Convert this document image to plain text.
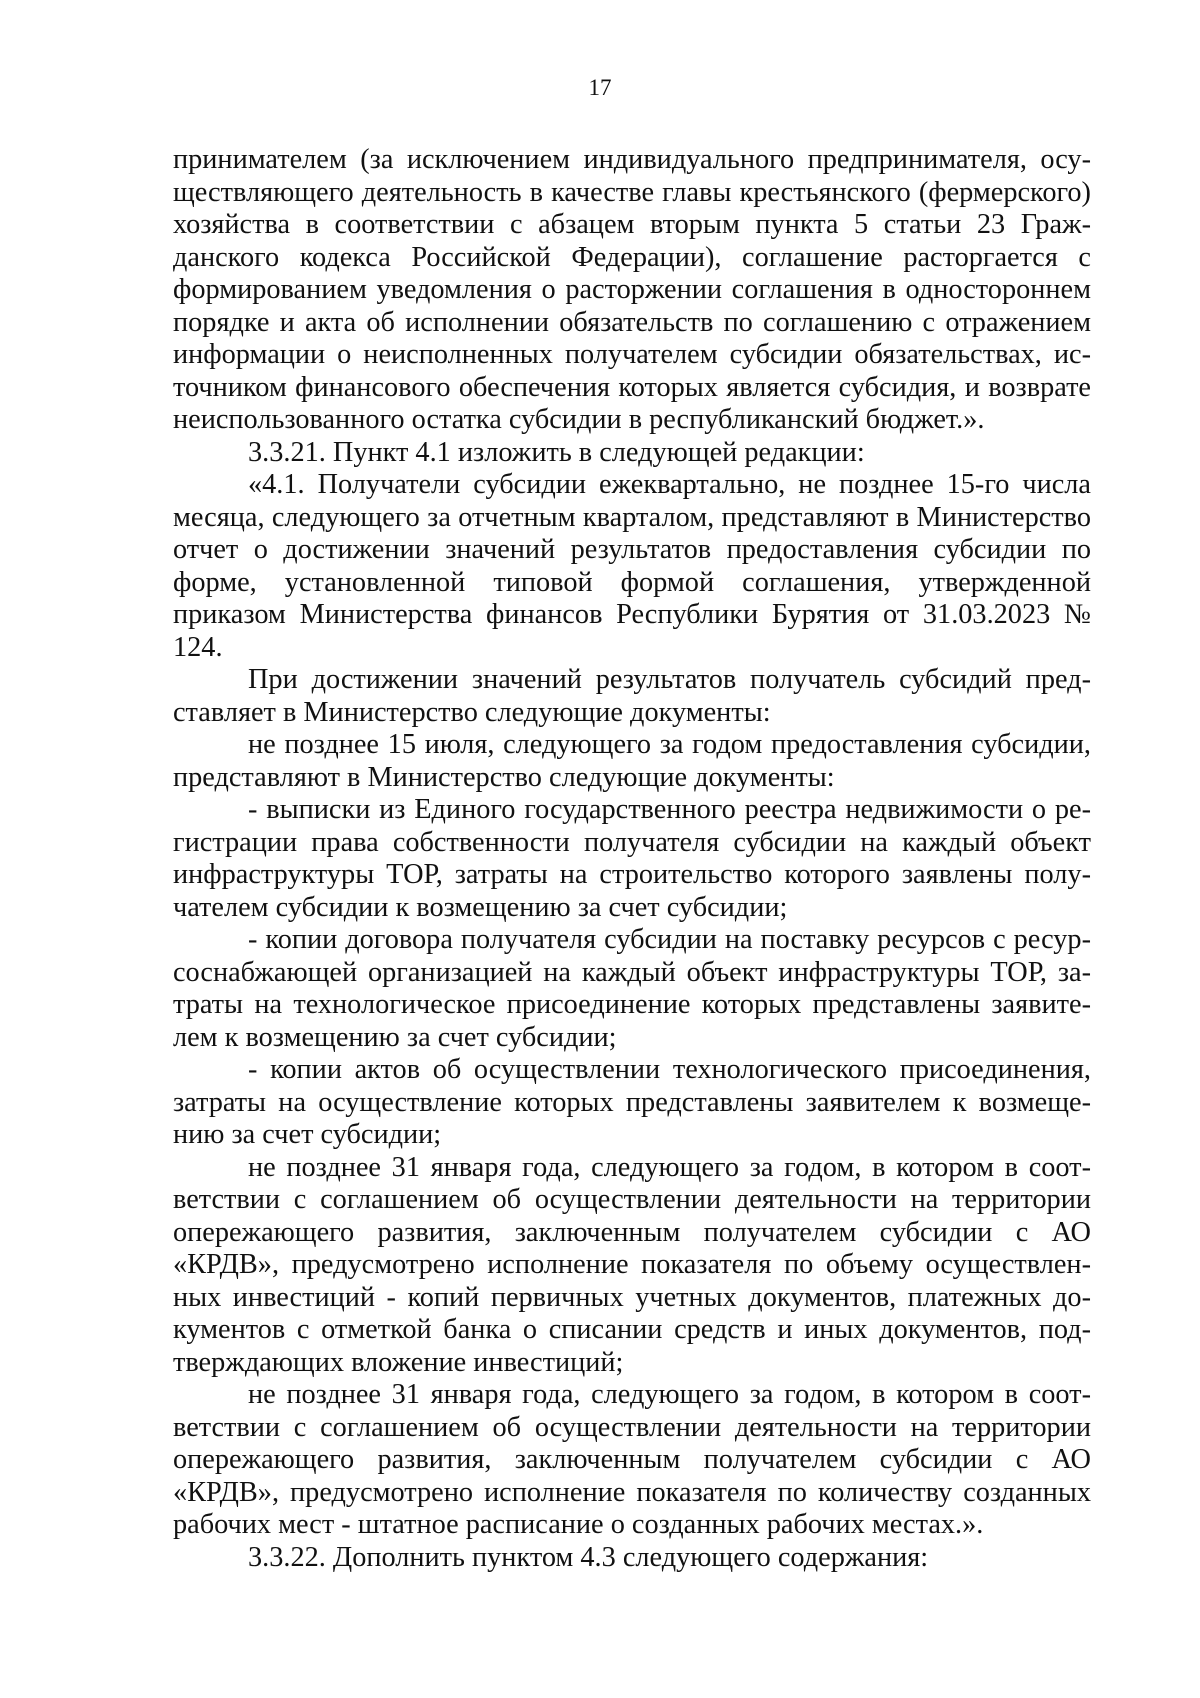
17

принимателем (за исключением индивидуального предпринимателя, осуществляющего деятельность в качестве главы крестьянского (фермерского) хозяйства в соответствии с абзацем вторым пункта 5 статьи 23 Гражданского кодекса Российской Федерации), соглашение расторгается с формированием уведомления о расторжении соглашения в одностороннем порядке и акта об исполнении обязательств по соглашению с отражением информации о неисполненных получателем субсидии обязательствах, источником финансового обеспечения которых является субсидия, и возврате неиспользованного остатка субсидии в республиканский бюджет.».

3.3.21. Пункт 4.1 изложить в следующей редакции:

«4.1. Получатели субсидии ежеквартально, не позднее 15-го числа месяца, следующего за отчетным кварталом, представляют в Министерство отчет о достижении значений результатов предоставления субсидии по форме, установленной типовой формой соглашения, утвержденной приказом Министерства финансов Республики Бурятия от 31.03.2023 № 124.

При достижении значений результатов получатель субсидий представляет в Министерство следующие документы:

не позднее 15 июля, следующего за годом предоставления субсидии, представляют в Министерство следующие документы:

- выписки из Единого государственного реестра недвижимости о регистрации права собственности получателя субсидии на каждый объект инфраструктуры ТОР, затраты на строительство которого заявлены получателем субсидии к возмещению за счет субсидии;

- копии договора получателя субсидии на поставку ресурсов с ресурсоснабжающей организацией на каждый объект инфраструктуры ТОР, затраты на технологическое присоединение которых представлены заявителем к возмещению за счет субсидии;

- копии актов об осуществлении технологического присоединения, затраты на осуществление которых представлены заявителем к возмещению за счет субсидии;

не позднее 31 января года, следующего за годом, в котором в соответствии с соглашением об осуществлении деятельности на территории опережающего развития, заключенным получателем субсидии с АО «КРДВ», предусмотрено исполнение показателя по объему осуществленных инвестиций - копий первичных учетных документов, платежных документов с отметкой банка о списании средств и иных документов, подтверждающих вложение инвестиций;

не позднее 31 января года, следующего за годом, в котором в соответствии с соглашением об осуществлении деятельности на территории опережающего развития, заключенным получателем субсидии с АО «КРДВ», предусмотрено исполнение показателя по количеству созданных рабочих мест - штатное расписание о созданных рабочих местах.».

3.3.22. Дополнить пунктом 4.3 следующего содержания:
